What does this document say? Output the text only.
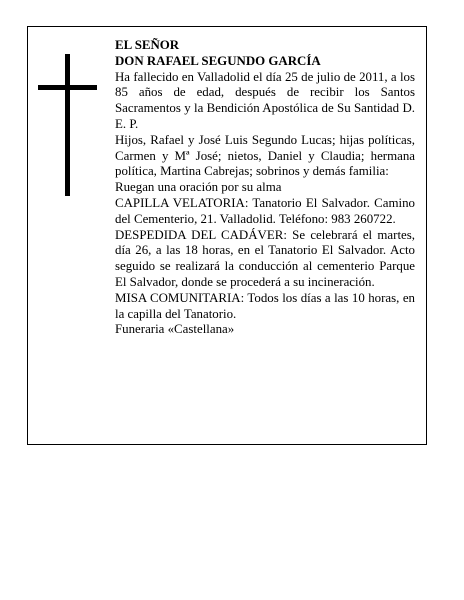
EL SEÑOR

DON RAFAEL SEGUNDO GARCÍA

Ha fallecido en Valladolid el día 25 de julio de 2011, a los 85 años de edad, después de recibir los Santos Sacramentos y la Bendición Apostólica de Su Santidad D. E. P.

Hijos, Rafael y José Luis Segundo Lucas; hijas políticas, Carmen y Mª José; nietos, Daniel y Claudia; hermana política, Martina Cabrejas; sobrinos y demás familia:

Ruegan una oración por su alma

CAPILLA VELATORIA: Tanatorio El Salvador. Camino del Cementerio, 21. Valladolid. Teléfono: 983 260722.

DESPEDIDA DEL CADÁVER: Se celebrará el martes, día 26, a las 18 horas, en el Tanatorio El Salvador. Acto seguido se realizará la conducción al cementerio Parque El Salvador, donde se procederá a su incineración.

MISA COMUNITARIA: Todos los días a las 10 horas, en la capilla del Tanatorio.

Funeraria «Castellana»
